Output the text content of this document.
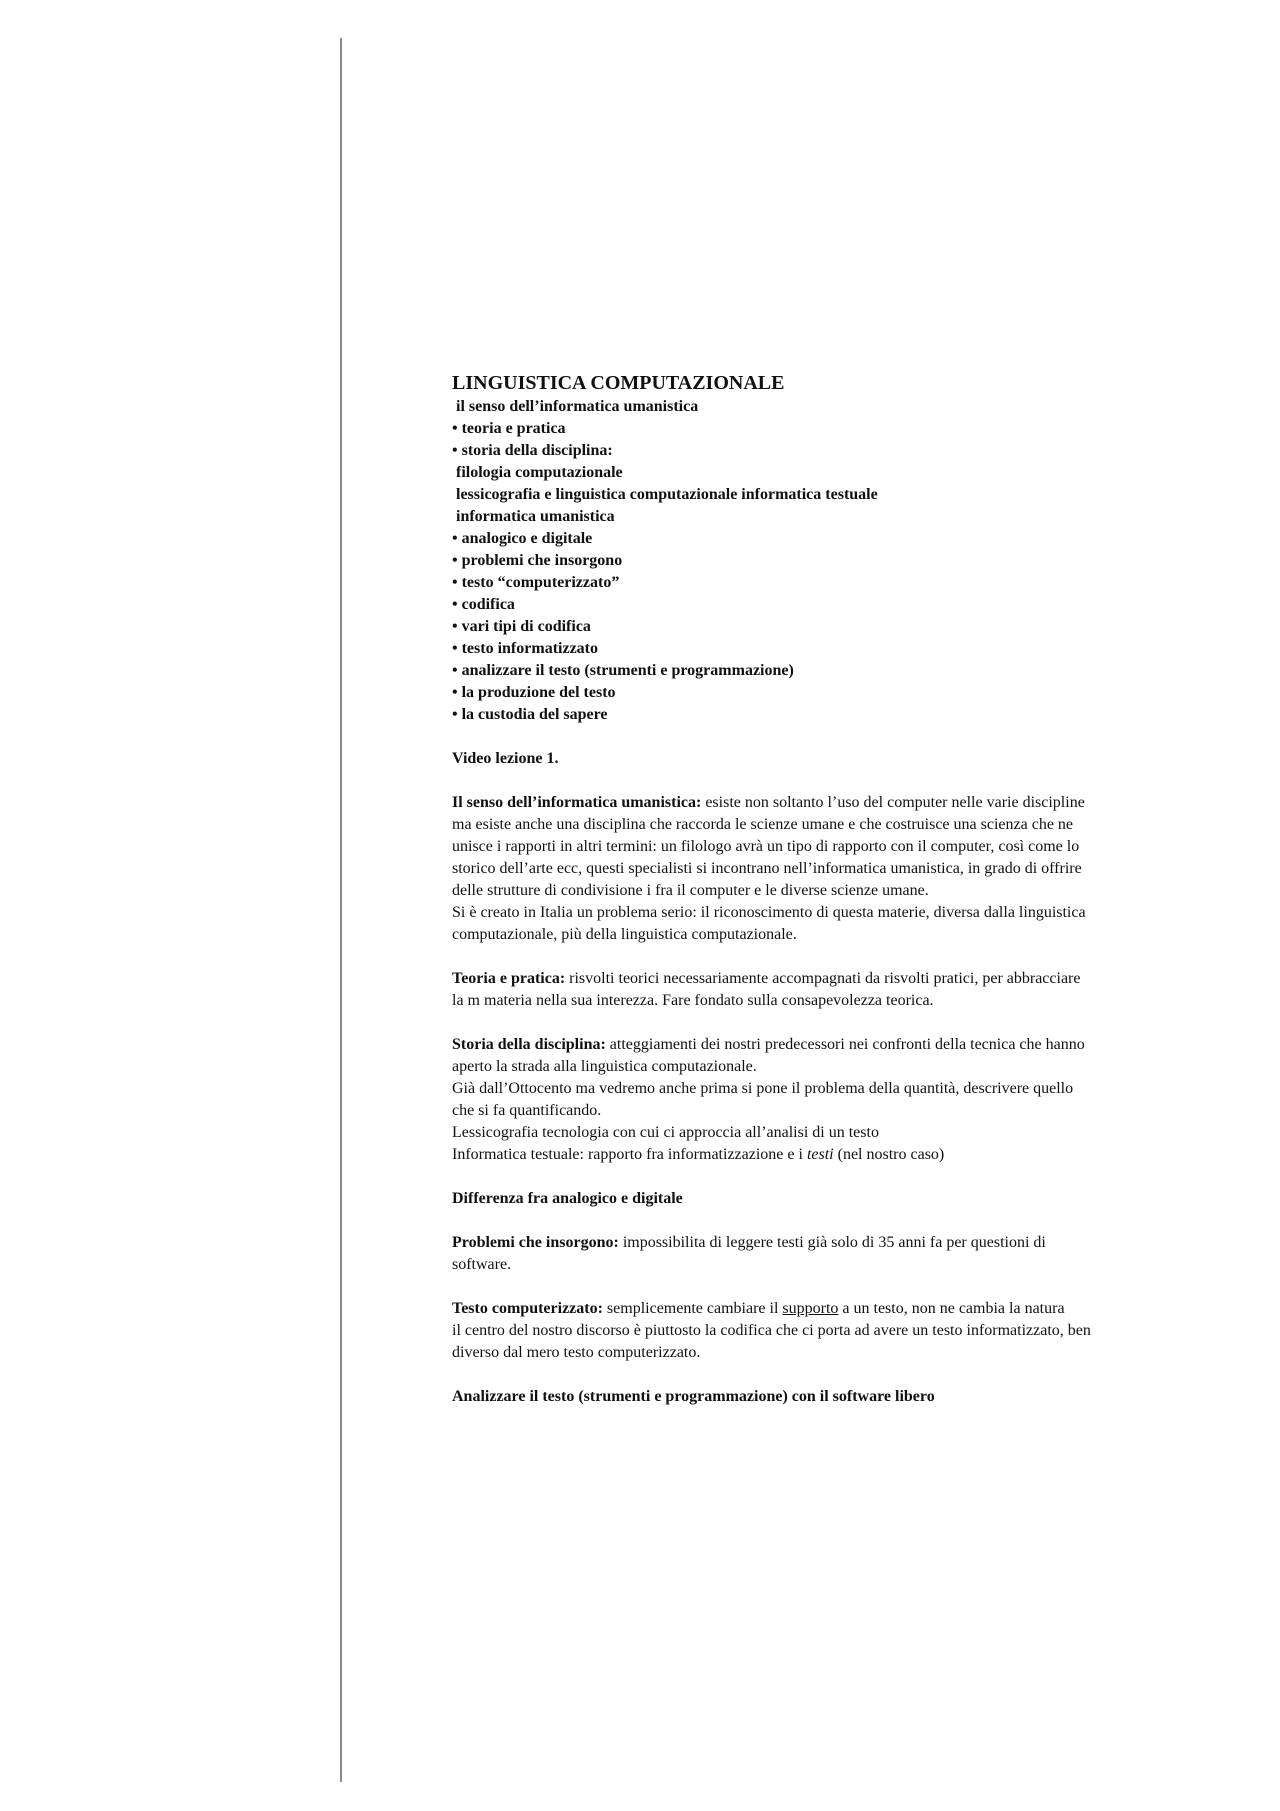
LINGUISTICA COMPUTAZIONALE
il senso dell’informatica umanistica
• teoria e pratica
• storia della disciplina:
filologia computazionale
lessicografia e linguistica computazionale informatica testuale
informatica umanistica
• analogico e digitale
• problemi che insorgono
• testo “computerizzato”
• codifica
• vari tipi di codifica
• testo informatizzato
• analizzare il testo (strumenti e programmazione)
• la produzione del testo
• la custodia del sapere
Video lezione 1.
Il senso dell’informatica umanistica: esiste non soltanto l’uso del computer nelle varie discipline
ma esiste anche una disciplina che raccorda le scienze umane e che costruisce una scienza che ne
unisce i rapporti in altri termini: un filologo avrà un tipo di rapporto con il computer, così come lo
storico dell’arte ecc, questi specialisti si incontrano nell’informatica umanistica, in grado di offrire
delle strutture di condivisione i fra il computer e le diverse scienze umane.
Si è creato in Italia un problema serio: il riconoscimento di questa materie, diversa dalla linguistica
computazionale, più della linguistica computazionale.
Teoria e pratica: risvolti teorici necessariamente accompagnati da risvolti pratici, per abbracciare
la m materia nella sua interezza. Fare fondato sulla consapevolezza teorica.
Storia della disciplina: atteggiamenti dei nostri predecessori nei confronti della tecnica che hanno
aperto la strada alla linguistica computazionale.
Già dall’Ottocento ma vedremo anche prima si pone il problema della quantità, descrivere quello
che si fa quantificando.
Lessicografia tecnologia con cui ci approccia all’analisi di un testo
Informatica testuale: rapporto fra informatizzazione e i testi (nel nostro caso)
Differenza fra analogico e digitale
Problemi che insorgono: impossibilita di leggere testi già solo di 35 anni fa per questioni di
software.
Testo computerizzato: semplicemente cambiare il supporto a un testo, non ne cambia la natura
il centro del nostro discorso è piuttosto la codifica che ci porta ad avere un testo informatizzato, ben
diverso dal mero testo computerizzato.
Analizzare il testo (strumenti e programmazione) con il software libero
